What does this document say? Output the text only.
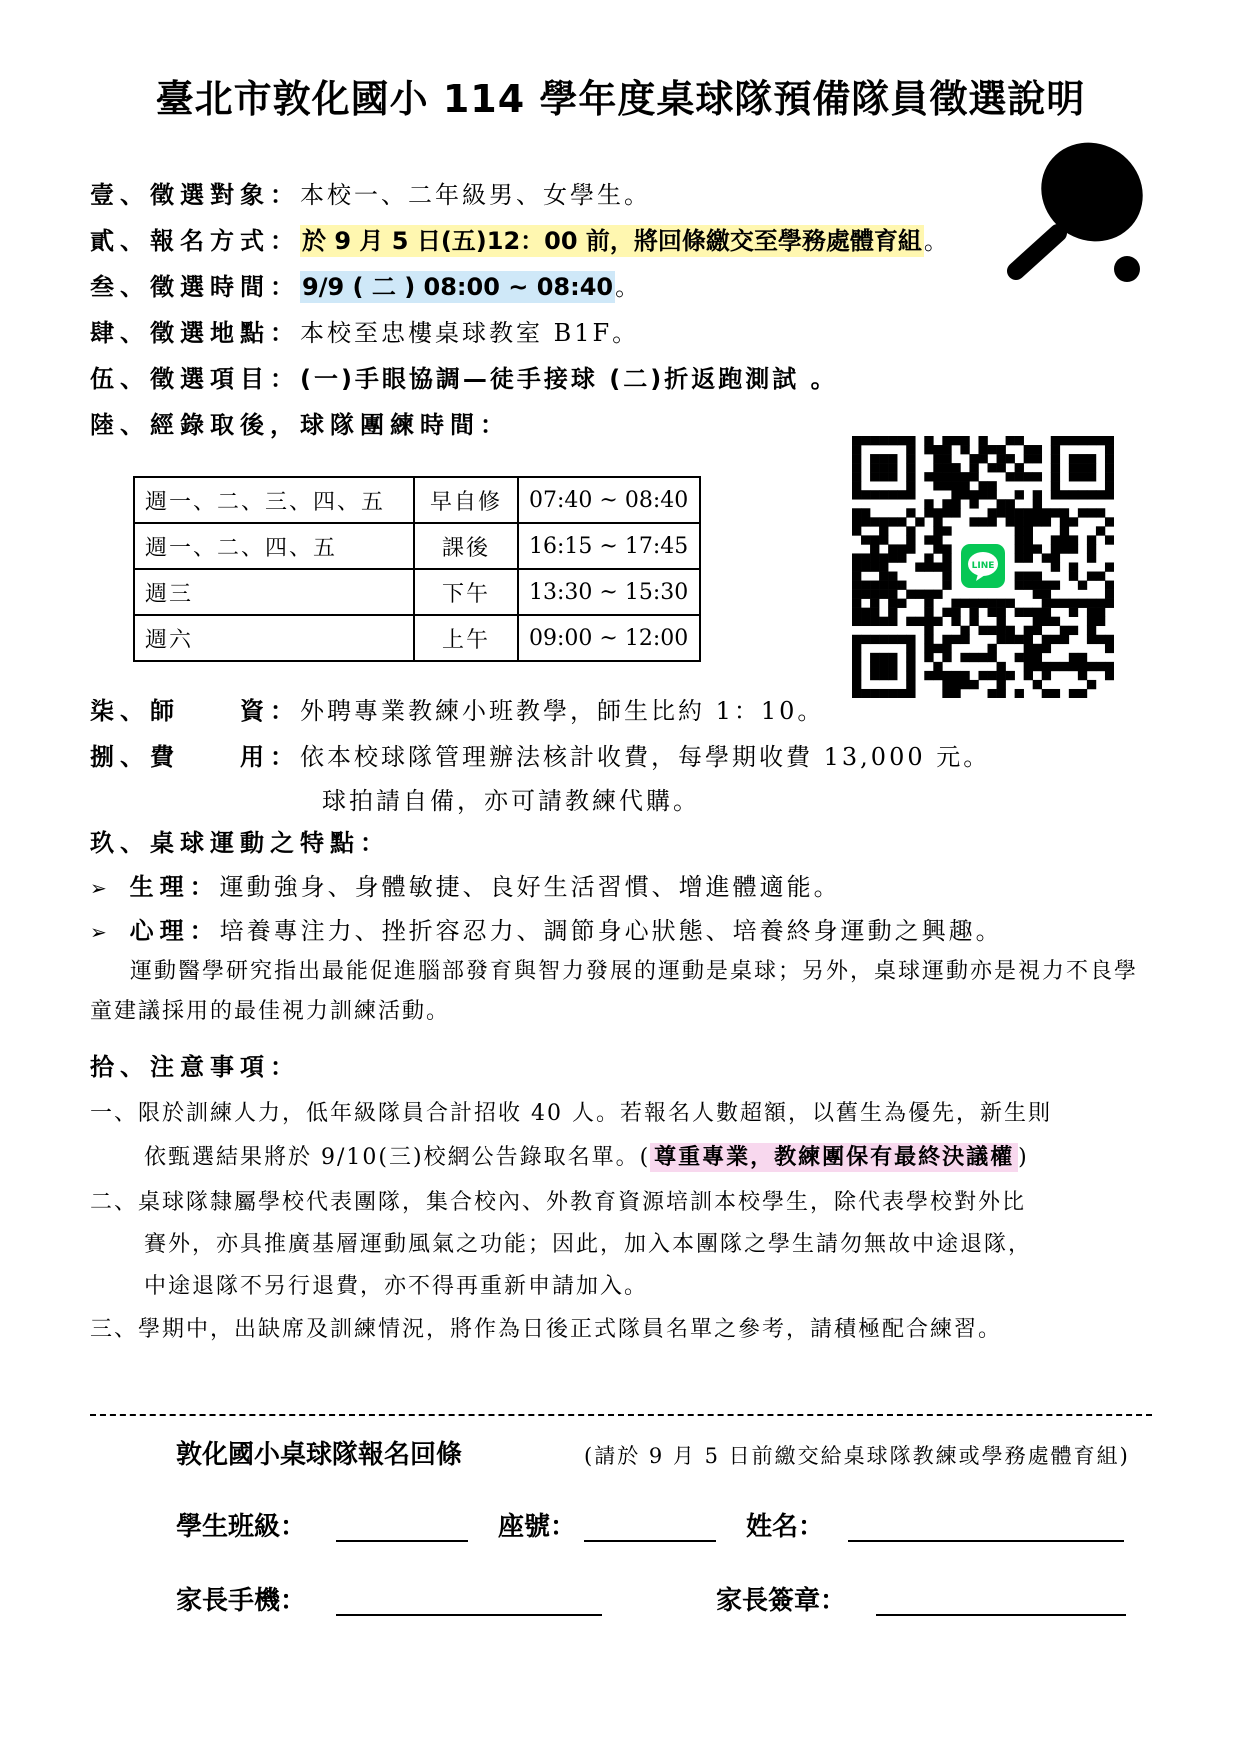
臺北市敦化國小 114 學年度桌球隊預備隊員徵選說明
壹、徵選對象：本校一、二年級男、女學生。
貳、報名方式：於 9 月 5 日(五)12：00 前，將回條繳交至學務處體育組。
叁、徵選時間：9/9 ( 二 ) 08:00 ~ 08:40。
肆、徵選地點：本校至忠樓桌球教室 B1F。
伍、徵選項目：(一)手眼協調—徒手接球 (二)折返跑測試 。
陸、經錄取後，球隊團練時間：
週一、二、三、四、五	早自修	07:40 ~ 08:40
週一、二、四、五	課後	16:15 ~ 17:45
週三	下午	13:30 ~ 15:30
週六	上午	09:00 ~ 12:00
LINE
柒、師　　資：外聘專業教練小班教學，師生比約 1：10。
捌、費　　用：依本校球隊管理辦法核計收費，每學期收費 13,000 元。
球拍請自備，亦可請教練代購。
玖、桌球運動之特點：
➢ 生理：運動強身、身體敏捷、良好生活習慣、增進體適能。
➢ 心理：培養專注力、挫折容忍力、調節身心狀態、培養終身運動之興趣。
運動醫學研究指出最能促進腦部發育與智力發展的運動是桌球；另外，桌球運動亦是視力不良學童建議採用的最佳視力訓練活動。
拾、注意事項：
一、限於訓練人力，低年級隊員合計招收 40 人。若報名人數超額，以舊生為優先，新生則
依甄選結果將於 9/10(三)校網公告錄取名單。( 尊重專業，教練團保有最終決議權 )
二、桌球隊隸屬學校代表團隊，集合校內、外教育資源培訓本校學生，除代表學校對外比
賽外，亦具推廣基層運動風氣之功能；因此，加入本團隊之學生請勿無故中途退隊，
中途退隊不另行退費，亦不得再重新申請加入。
三、學期中，出缺席及訓練情況，將作為日後正式隊員名單之參考，請積極配合練習。
敦化國小桌球隊報名回條	(請於 9 月 5 日前繳交給桌球隊教練或學務處體育組)
學生班級：	座號：	姓名：
家長手機：	家長簽章：
